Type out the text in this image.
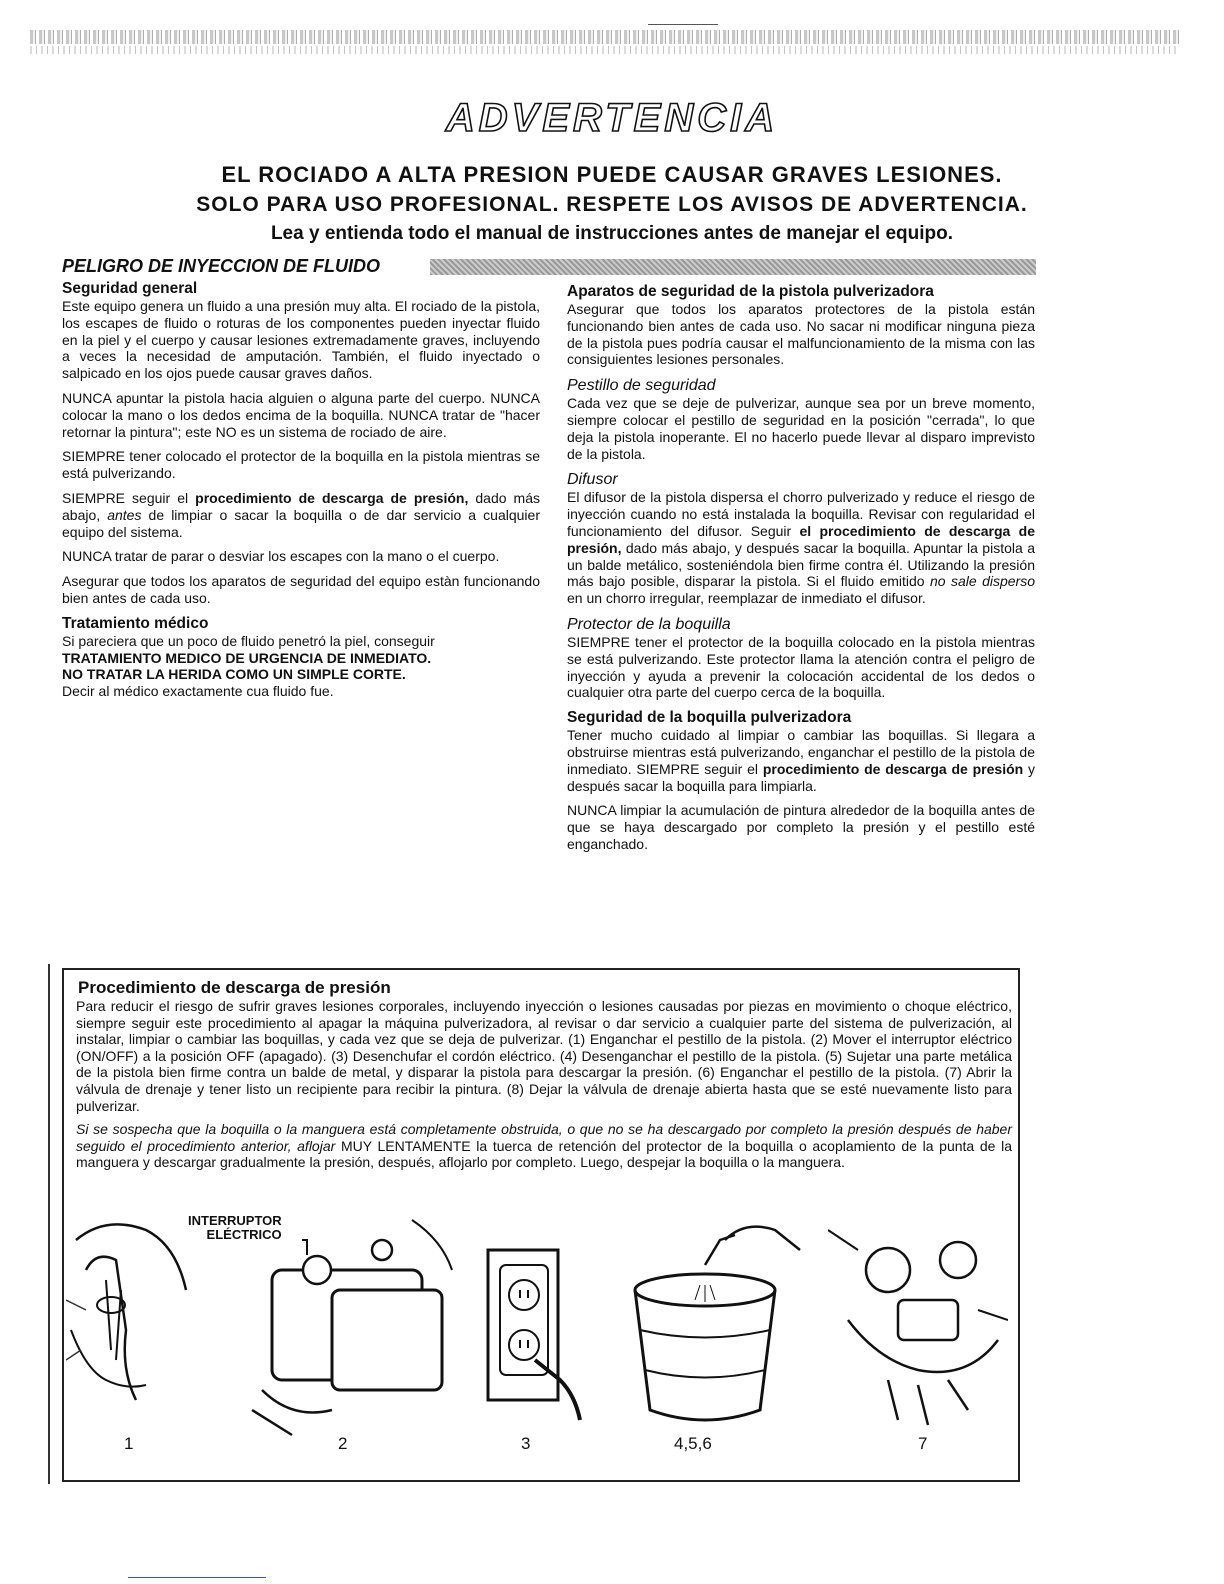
ADVERTENCIA
EL ROCIADO A ALTA PRESION PUEDE CAUSAR GRAVES LESIONES.
SOLO PARA USO PROFESIONAL. RESPETE LOS AVISOS DE ADVERTENCIA.
Lea y entienda todo el manual de instrucciones antes de manejar el equipo.
PELIGRO DE INYECCION DE FLUIDO
Seguridad general

Este equipo genera un fluido a una presión muy alta. El rociado de la pistola, los escapes de fluido o roturas de los componentes pueden inyectar fluido en la piel y el cuerpo y causar lesiones extremadamente graves, incluyendo a veces la necesidad de amputación. También, el fluido inyectado o salpicado en los ojos puede causar graves daños.

NUNCA apuntar la pistola hacia alguien o alguna parte del cuerpo. NUNCA colocar la mano o los dedos encima de la boquilla. NUNCA tratar de "hacer retornar la pintura"; este NO es un sistema de rociado de aire.

SIEMPRE tener colocado el protector de la boquilla en la pistola mientras se está pulverizando.

SIEMPRE seguir el procedimiento de descarga de presión, dado más abajo, antes de limpiar o sacar la boquilla o de dar servicio a cualquier equipo del sistema.

NUNCA tratar de parar o desviar los escapes con la mano o el cuerpo.

Asegurar que todos los aparatos de seguridad del equipo estàn funcionando bien antes de cada uso.

Tratamiento médico

Si pareciera que un poco de fluido penetró la piel, conseguir

TRATAMIENTO MEDICO DE URGENCIA DE INMEDIATO.

NO TRATAR LA HERIDA COMO UN SIMPLE CORTE.

Decir al médico exactamente cua fluido fue.

Aparatos de seguridad de la pistola pulverizadora

Asegurar que todos los aparatos protectores de la pistola están funcionando bien antes de cada uso. No sacar ni modificar ninguna pieza de la pistola pues podría causar el malfuncionamiento de la misma con las consiguientes lesiones personales.

Pestillo de seguridad

Cada vez que se deje de pulverizar, aunque sea por un breve momento, siempre colocar el pestillo de seguridad en la posición "cerrada", lo que deja la pistola inoperante. El no hacerlo puede llevar al disparo imprevisto de la pistola.

Difusor

El difusor de la pistola dispersa el chorro pulverizado y reduce el riesgo de inyección cuando no está instalada la boquilla. Revisar con regularidad el funcionamiento del difusor. Seguir el procedimiento de descarga de presión, dado más abajo, y después sacar la boquilla. Apuntar la pistola a un balde metálico, sosteniéndola bien firme contra él. Utilizando la presión más bajo posible, disparar la pistola. Si el fluido emitido no sale disperso en un chorro irregular, reemplazar de inmediato el difusor.

Protector de la boquilla

SIEMPRE tener el protector de la boquilla colocado en la pistola mientras se está pulverizando. Este protector llama la atención contra el peligro de inyección y ayuda a prevenir la colocación accidental de los dedos o cualquier otra parte del cuerpo cerca de la boquilla.

Seguridad de la boquilla pulverizadora

Tener mucho cuidado al limpiar o cambiar las boquillas. Si llegara a obstruirse mientras está pulverizando, enganchar el pestillo de la pistola de inmediato. SIEMPRE seguir el procedimiento de descarga de presión y después sacar la boquilla para limpiarla.

NUNCA limpiar la acumulación de pintura alrededor de la boquilla antes de que se haya descargado por completo la presión y el pestillo esté enganchado.

Procedimiento de descarga de presión

Para reducir el riesgo de sufrir graves lesiones corporales, incluyendo inyección o lesiones causadas por piezas en movimiento o choque eléctrico, siempre seguir este procedimiento al apagar la máquina pulverizadora, al revisar o dar servicio a cualquier parte del sistema de pulverización, al instalar, limpiar o cambiar las boquillas, y cada vez que se deja de pulverizar. (1) Enganchar el pestillo de la pistola. (2) Mover el interruptor eléctrico (ON/OFF) a la posición OFF (apagado). (3) Desenchufar el cordón eléctrico. (4) Desenganchar el pestillo de la pistola. (5) Sujetar una parte metálica de la pistola bien firme contra un balde de metal, y disparar la pistola para descargar la presión. (6) Enganchar el pestillo de la pistola. (7) Abrir la válvula de drenaje y tener listo un recipiente para recibir la pintura. (8) Dejar la válvula de drenaje abierta hasta que se esté nuevamente listo para pulverizar.

Si se sospecha que la boquilla o la manguera está completamente obstruida, o que no se ha descargado por completo la presión después de haber seguido el procedimiento anterior, aflojar MUY LENTAMENTE la tuerca de retención del protector de la boquilla o acoplamiento de la punta de la manguera y descargar gradualmente la presión, después, aflojarlo por completo. Luego, despejar la boquilla o la manguera.

INTERRUPTOR
ELÉCTRICO
1	2	3	4,5,6	7
